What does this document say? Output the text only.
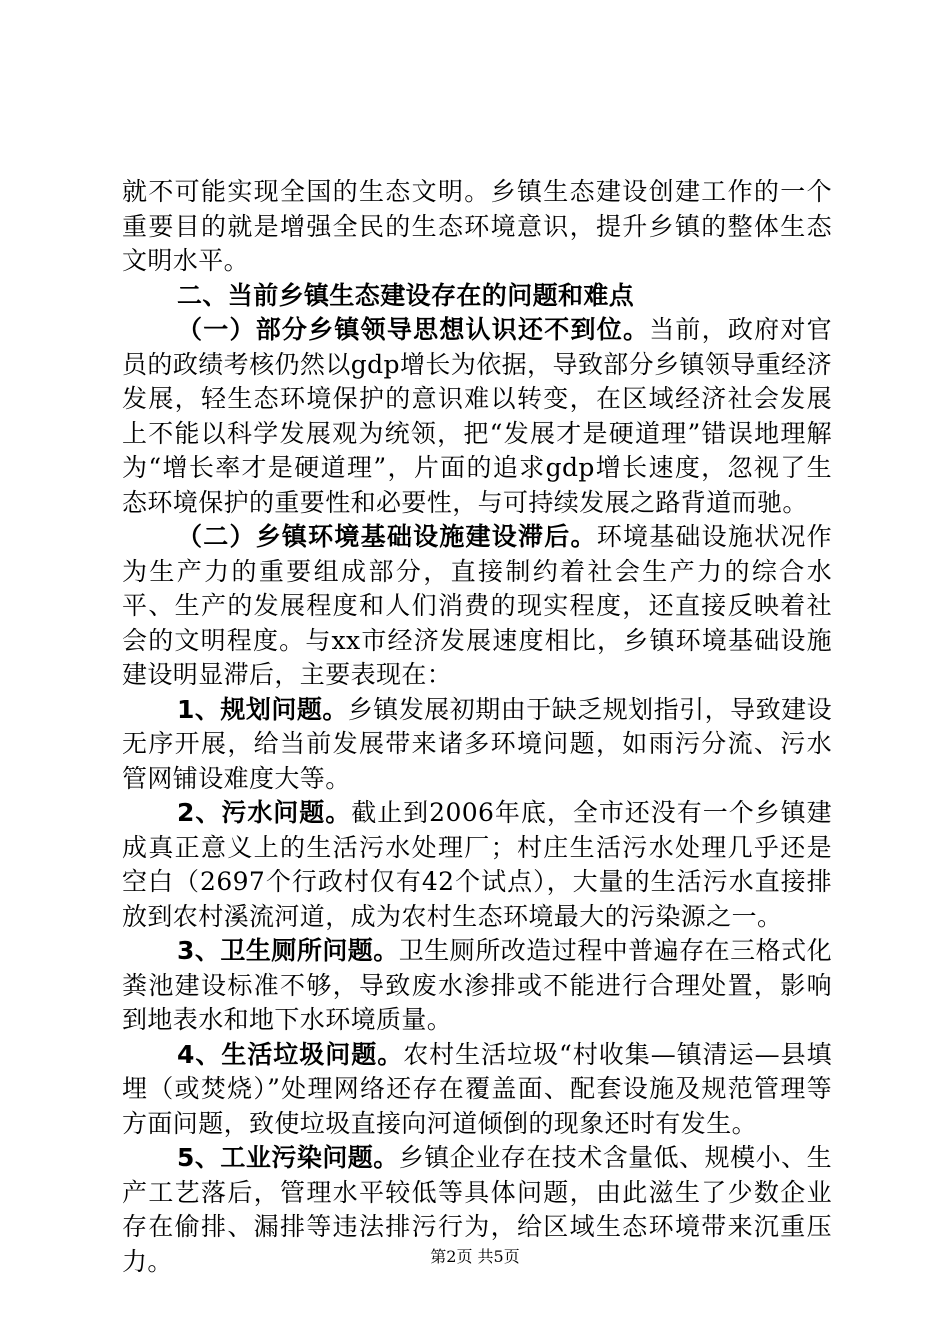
就不可能实现全国的生态文明。乡镇生态建设创建工作的一个重要目的就是增强全民的生态环境意识，提升乡镇的整体生态文明水平。

二、当前乡镇生态建设存在的问题和难点

（一）部分乡镇领导思想认识还不到位。当前，政府对官员的政绩考核仍然以gdp增长为依据，导致部分乡镇领导重经济发展，轻生态环境保护的意识难以转变，在区域经济社会发展上不能以科学发展观为统领，把“发展才是硬道理”错误地理解为“增长率才是硬道理”，片面的追求gdp增长速度，忽视了生态环境保护的重要性和必要性，与可持续发展之路背道而驰。

（二）乡镇环境基础设施建设滞后。环境基础设施状况作为生产力的重要组成部分，直接制约着社会生产力的综合水平、生产的发展程度和人们消费的现实程度，还直接反映着社会的文明程度。与xx市经济发展速度相比，乡镇环境基础设施建设明显滞后，主要表现在：

1、规划问题。乡镇发展初期由于缺乏规划指引，导致建设无序开展，给当前发展带来诸多环境问题，如雨污分流、污水管网铺设难度大等。

2、污水问题。截止到2006年底，全市还没有一个乡镇建成真正意义上的生活污水处理厂；村庄生活污水处理几乎还是空白（2697个行政村仅有42个试点），大量的生活污水直接排放到农村溪流河道，成为农村生态环境最大的污染源之一。

3、卫生厕所问题。卫生厕所改造过程中普遍存在三格式化粪池建设标准不够，导致废水渗排或不能进行合理处置，影响到地表水和地下水环境质量。

4、生活垃圾问题。农村生活垃圾“村收集—镇清运—县填埋（或焚烧）”处理网络还存在覆盖面、配套设施及规范管理等方面问题，致使垃圾直接向河道倾倒的现象还时有发生。

5、工业污染问题。乡镇企业存在技术含量低、规模小、生产工艺落后，管理水平较低等具体问题，由此滋生了少数企业存在偷排、漏排等违法排污行为，给区域生态环境带来沉重压力。	第2页 共5页
